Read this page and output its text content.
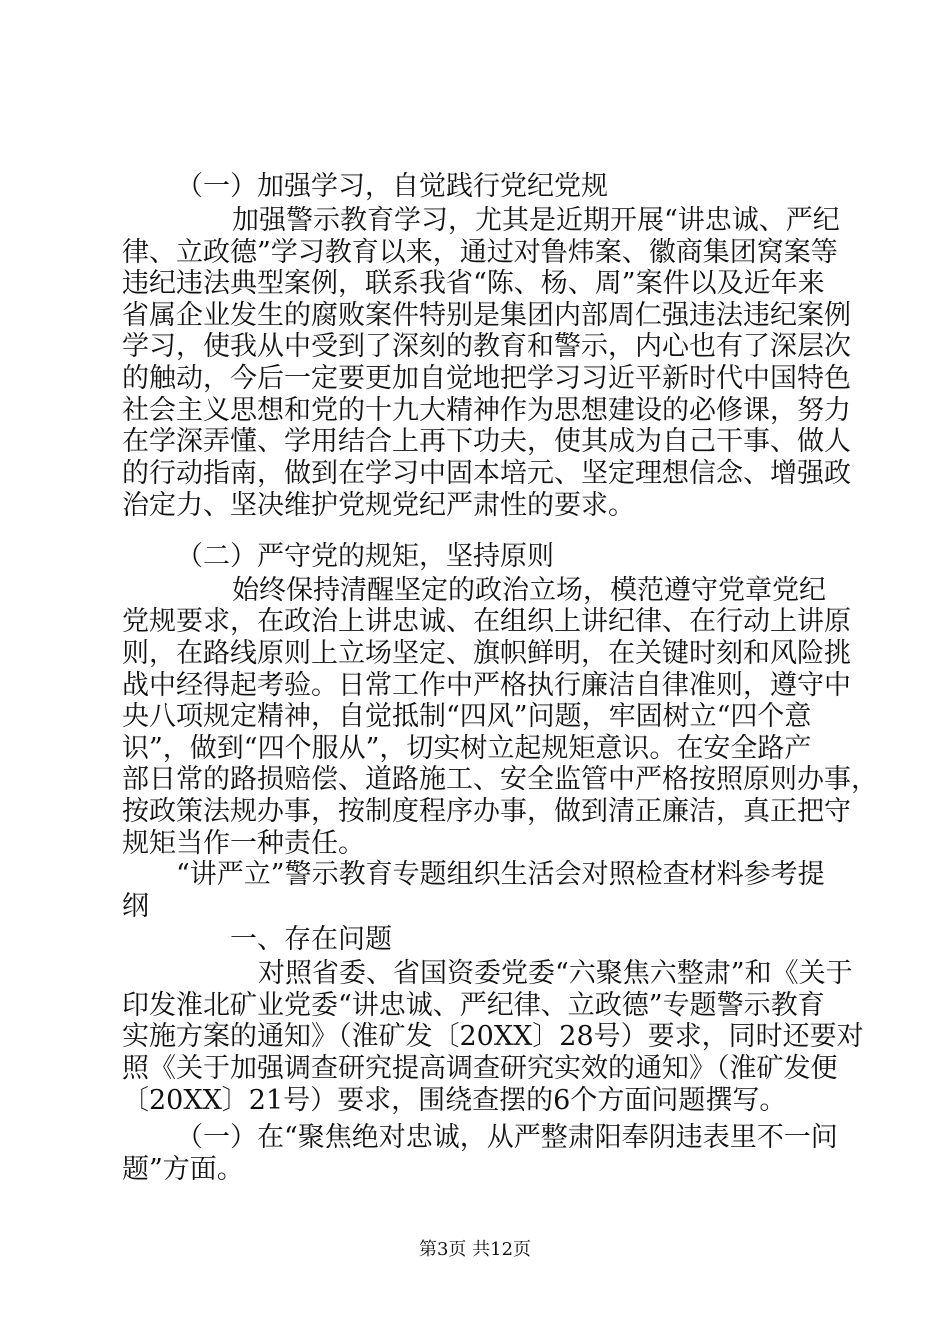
（一）加强学习，自觉践行党纪党规
加强警示教育学习，尤其是近期开展“讲忠诚、严纪
律、立政德”学习教育以来，通过对鲁炜案、徽商集团窝案等
违纪违法典型案例，联系我省“陈、杨、周”案件以及近年来
省属企业发生的腐败案件特别是集团内部周仁强违法违纪案例
学习，使我从中受到了深刻的教育和警示，内心也有了深层次
的触动，今后一定要更加自觉地把学习习近平新时代中国特色
社会主义思想和党的十九大精神作为思想建设的必修课，努力
在学深弄懂、学用结合上再下功夫，使其成为自己干事、做人
的行动指南，做到在学习中固本培元、坚定理想信念、增强政
治定力、坚决维护党规党纪严肃性的要求。
（二）严守党的规矩，坚持原则
始终保持清醒坚定的政治立场，模范遵守党章党纪
党规要求，在政治上讲忠诚、在组织上讲纪律、在行动上讲原
则，在路线原则上立场坚定、旗帜鲜明，在关键时刻和风险挑
战中经得起考验。日常工作中严格执行廉洁自律准则，遵守中
央八项规定精神，自觉抵制“四风”问题，牢固树立“四个意
识”，做到“四个服从”，切实树立起规矩意识。在安全路产
部日常的路损赔偿、道路施工、安全监管中严格按照原则办事，
按政策法规办事，按制度程序办事，做到清正廉洁，真正把守
规矩当作一种责任。
“讲严立”警示教育专题组织生活会对照检查材料参考提
纲
一、存在问题
对照省委、省国资委党委“六聚焦六整肃”和《关于
印发淮北矿业党委“讲忠诚、严纪律、立政德”专题警示教育
实施方案的通知》（淮矿发〔20XX〕28号）要求，同时还要对
照《关于加强调查研究提高调查研究实效的通知》（淮矿发便
〔20XX〕21号）要求，围绕查摆的6个方面问题撰写。
（一）在“聚焦绝对忠诚，从严整肃阳奉阴违表里不一问
题”方面。
第3页 共12页
